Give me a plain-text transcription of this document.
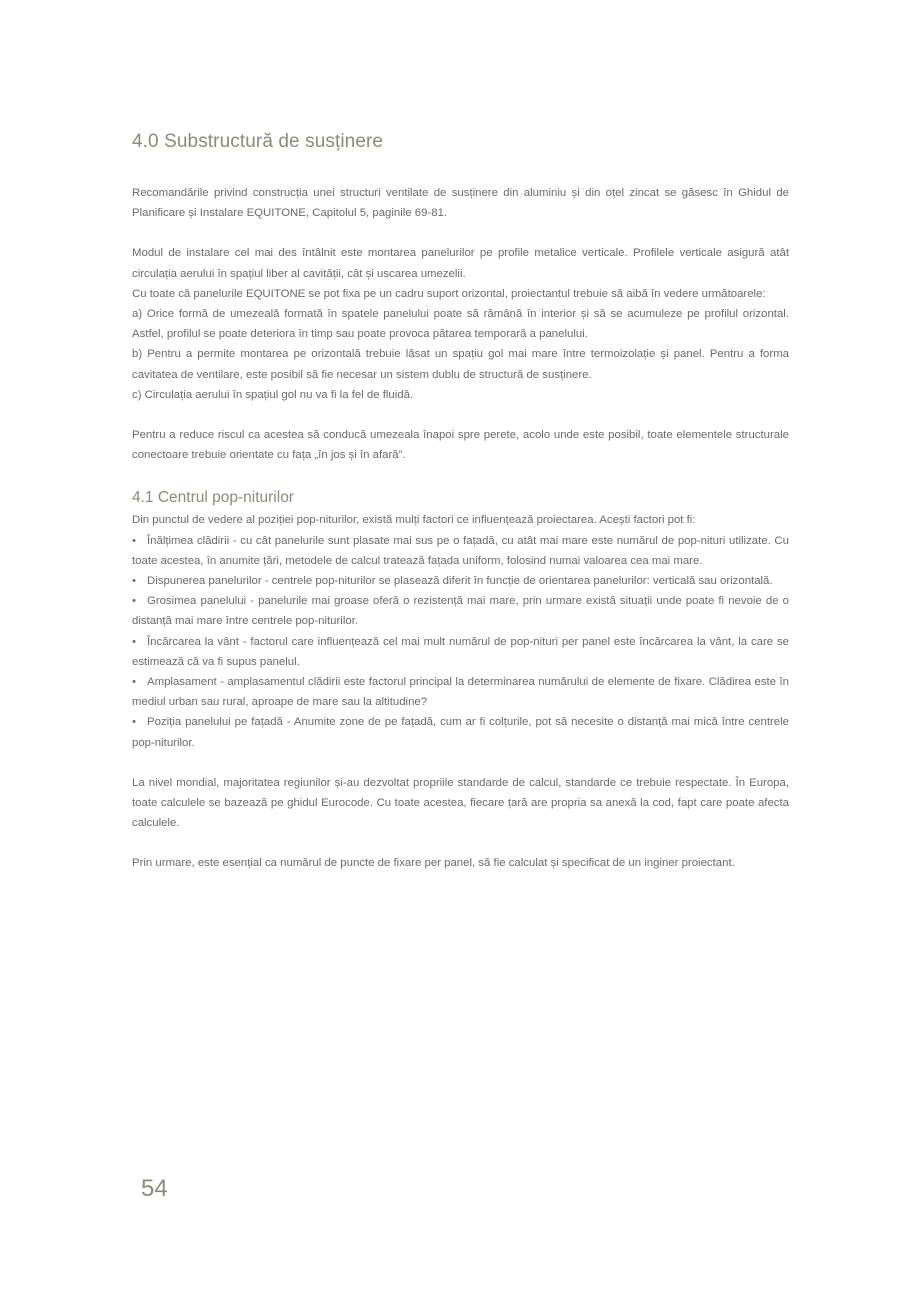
4.0 Substructură de susținere

Recomandările privind construcția unei structuri ventilate de susținere din aluminiu și din oțel zincat se găsesc în Ghidul de Planificare și Instalare EQUITONE, Capitolul 5, paginile 69-81.

Modul de instalare cel mai des întâlnit este montarea panelurilor pe profile metalice verticale. Profilele verticale asigură atât circulația aerului în spațiul liber al cavității, cât și uscarea umezelii.

Cu toate că panelurile EQUITONE se pot fixa pe un cadru suport orizontal, proiectantul trebuie să aibă în vedere următoarele:

a) Orice formă de umezeală formată în spatele panelului poate să rămână în interior și să se acumuleze pe profilul orizontal. Astfel, profilul se poate deteriora în timp sau poate provoca pătarea temporară a panelului.

b) Pentru a permite montarea pe orizontală trebuie lăsat un spațiu gol mai mare între termoizolație și panel. Pentru a forma cavitatea de ventilare, este posibil să fie necesar un sistem dublu de structură de susținere.

c) Circulația aerului în spațiul gol nu va fi la fel de fluidă.

Pentru a reduce riscul ca acestea să conducă umezeala înapoi spre perete, acolo unde este posibil, toate elementele structurale conectoare trebuie orientate cu fața „în jos și în afară”.

4.1 Centrul pop-niturilor

Din punctul de vedere al poziției pop-niturilor, există mulți factori ce influențează proiectarea. Acești factori pot fi:

• Înălțimea clădirii - cu cât panelurile sunt plasate mai sus pe o fațadă, cu atât mai mare este numărul de pop-nituri utilizate. Cu toate acestea, în anumite țări, metodele de calcul tratează fațada uniform, folosind numai valoarea cea mai mare.

• Dispunerea panelurilor - centrele pop-niturilor se plasează diferit în funcție de orientarea panelurilor: verticală sau orizontală.

• Grosimea panelului - panelurile mai groase oferă o rezistență mai mare, prin urmare există situații unde poate fi nevoie de o distanță mai mare între centrele pop-niturilor.

• Încărcarea la vânt - factorul care influențează cel mai mult numărul de pop-nituri per panel este încărcarea la vânt, la care se estimează că va fi supus panelul.

• Amplasament - amplasamentul clădirii este factorul principal la determinarea numărului de elemente de fixare. Clădirea este în mediul urban sau rural, aproape de mare sau la altitudine?

• Poziția panelului pe fațadă - Anumite zone de pe fațadă, cum ar fi colțurile, pot să necesite o distanță mai mică între centrele pop-niturilor.

La nivel mondial, majoritatea regiunilor și-au dezvoltat propriile standarde de calcul, standarde ce trebuie respectate. În Europa, toate calculele se bazează pe ghidul Eurocode. Cu toate acestea, fiecare țară are propria sa anexă la cod, fapt care poate afecta calculele.

Prin urmare, este esențial ca numărul de puncte de fixare per panel, să fie calculat și specificat de un inginer proiectant.

54
